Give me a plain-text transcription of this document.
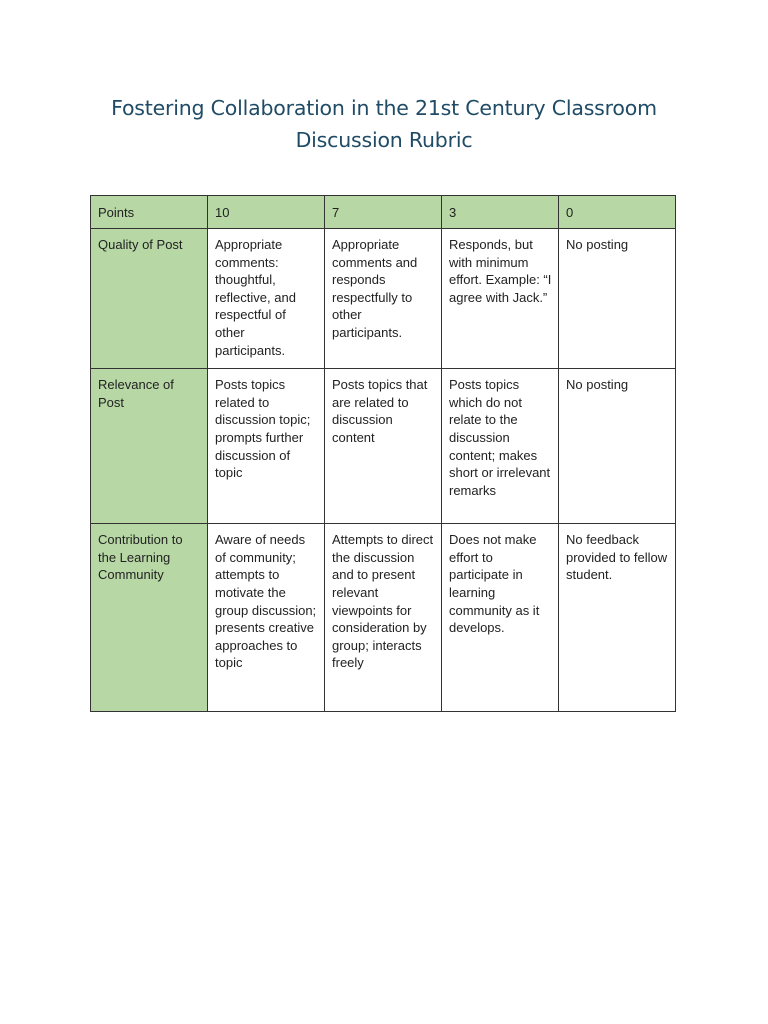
Fostering Collaboration in the 21st Century Classroom
Discussion Rubric
Points	10	7	3	0
Quality of Post	Appropriate comments: thoughtful, reflective, and respectful of other participants.	Appropriate comments and responds respectfully to other participants.	Responds, but with minimum effort. Example: “I agree with Jack.”	No posting
Relevance of Post	Posts topics related to discussion topic; prompts further discussion of topic	Posts topics that are related to discussion content	Posts topics which do not relate to the discussion content; makes short or irrelevant remarks	No posting
Contribution to the Learning Community	Aware of needs of community; attempts to motivate the group discussion; presents creative approaches to topic	Attempts to direct the discussion and to present relevant viewpoints for consideration by group; interacts freely	Does not make effort to participate in learning community as it develops.	No feedback provided to fellow student.
